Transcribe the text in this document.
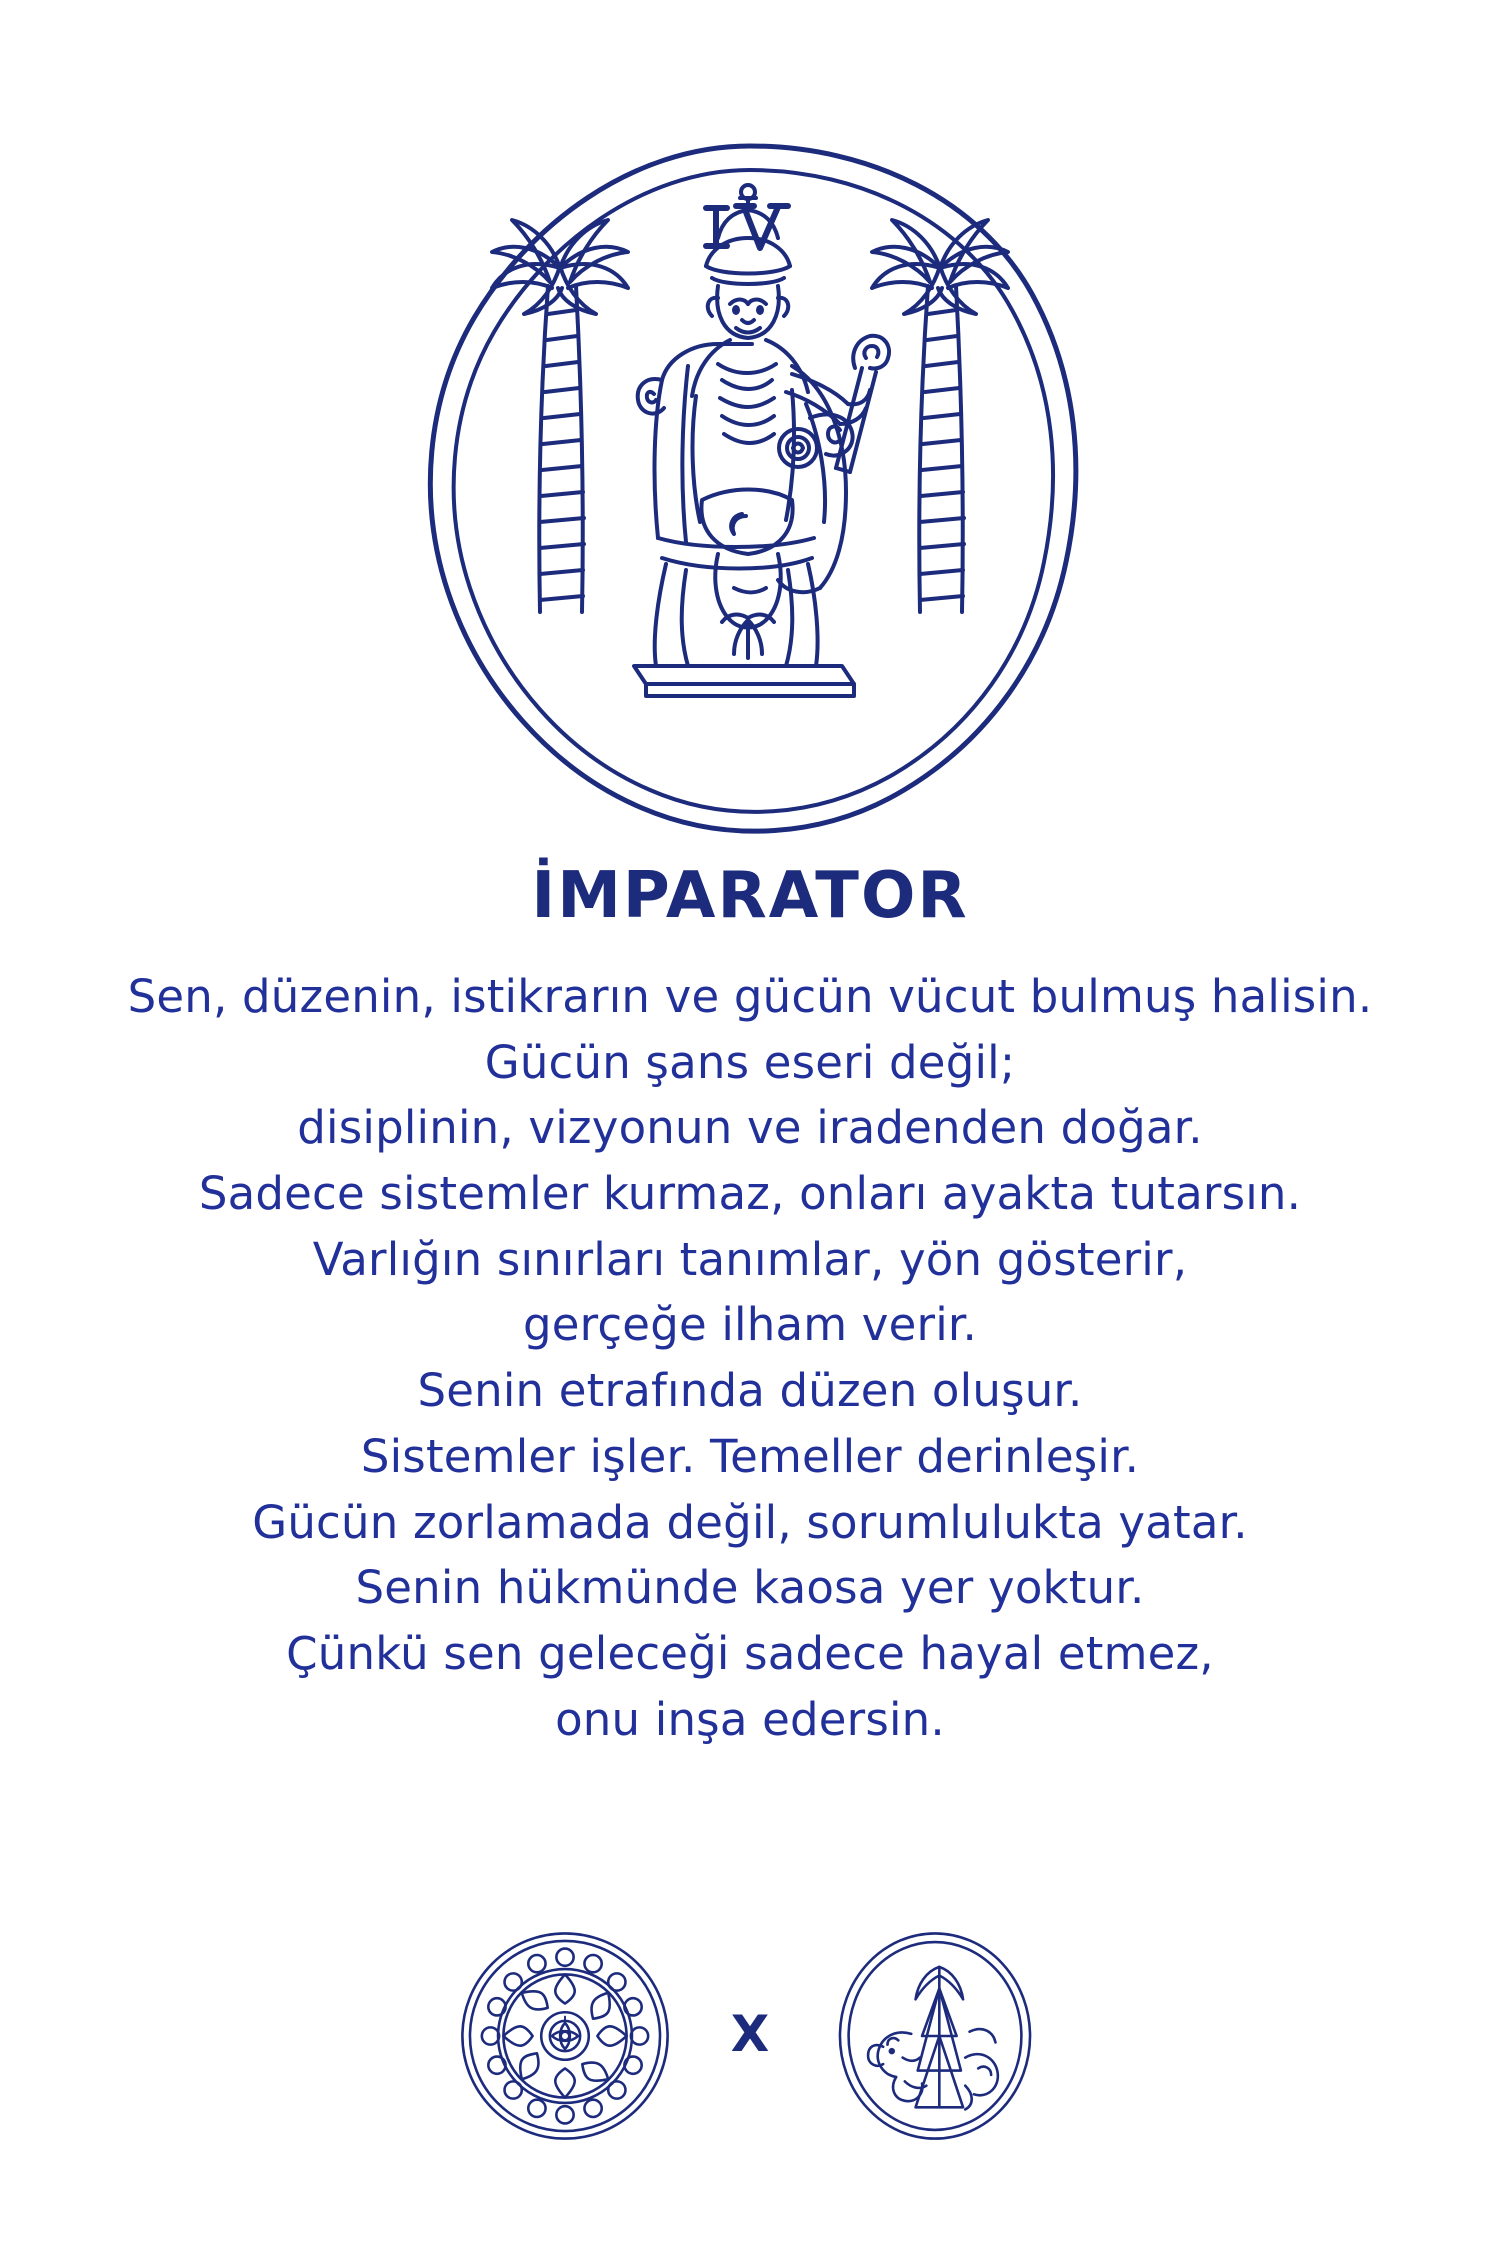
İMPARATOR
Sen, düzenin, istikrarın ve gücün vücut bulmuş halisin.
Gücün şans eseri değil;
disiplinin, vizyonun ve iradenden doğar.
Sadece sistemler kurmaz, onları ayakta tutarsın.
Varlığın sınırları tanımlar, yön gösterir,
gerçeğe ilham verir.
Senin etrafında düzen oluşur.
Sistemler işler. Temeller derinleşir.
Gücün zorlamada değil, sorumlulukta yatar.
Senin hükmünde kaosa yer yoktur.
Çünkü sen geleceği sadece hayal etmez,
onu inşa edersin.
X
